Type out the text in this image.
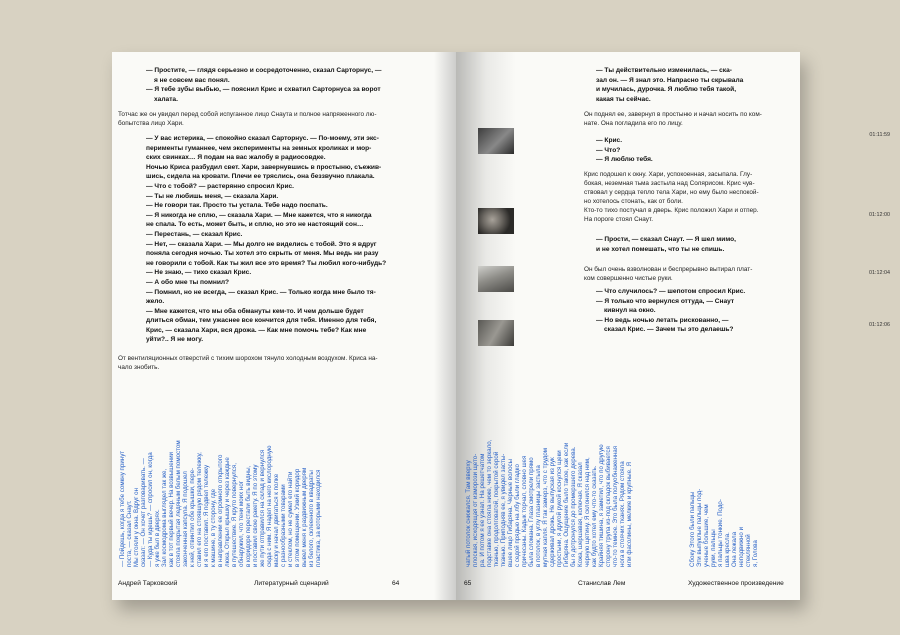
— Простите, — глядя серьезно и сосредоточенно, сказал Сарторнус, —

я не совсем вас понял.

— Я тебе зубы выбью, — пояснил Крис и схватил Сарторнуса за ворот

халата.

Тотчас же он увидел перед собой испуганное лицо Снаута и полное напряженного лю-

бопытства лицо Хари.

— У вас истерика, — спокойно сказал Сарторнус. — По-моему, эти экс-

перименты гуманнее, чем эксперименты на земных кроликах и мор-

ских свинках… Я подам на вас жалобу в радиосовдке.

Ночью Криса разбудил свет. Хари, завернувшись в простыню, съежив-

шись, сидела на кровати. Плечи ее тряслись, она беззвучно плакала.

— Что с тобой? — растерянно спросил Крис.

— Ты не любишь меня, — сказала Хари.

— Не говори так. Просто ты устала. Тебе надо поспать.

— Я никогда не сплю, — сказала Хари. — Мне кажется, что я никогда

не спала. То есть, может быть, и сплю, но это не настоящий сон…

— Перестань, — сказал Крис.

— Нет, — сказала Хари. — Мы долго не виделись с тобой. Это я вдруг

поняла сегодня ночью. Ты хотел это скрыть от меня. Мы ведь ни разу

не говорили с тобой. Как ты жил все это время? Ты любил кого-нибудь?

— Не знаю, — тихо сказал Крис.

— А обо мне ты помнил?

— Помнил, но не всегда, — сказал Крис. — Только когда мне было тя-

жело.

— Мне кажется, что мы оба обмануты кем-то. И чем дольше будет

длиться обман, тем ужаснее все кончится для тебя. Именно для тебя,

Крис, — сказала Хари, вся дрожа. — Как мне помочь тебе? Как мне

уйти?.. Я не могу.

От вентиляционных отверстий с тихим шорохом тянуло холодным воздухом. Криса на-

чало знобить.

— Пойдешь, когда я тебе сомкну принут поста, — сказал Снаут. Мы стояли у окна. Вдруг он сказал: — Он хочет разговаривать. — — Куда ты идешь? — спросил он, когда я уже был в дверях. Зал космодрома выглядел так же, как в тот первый вечер. На возвышении стояла покрытая ледяным белым помостом законченная капсула. Я подошел к ней, отвинтил обе крышки, пере- ставил его на стоявшую рядом тележку, и я его поставил. Я подвел тележку к машине, в ту сторону, где в направлении ее огромного открытого люка. Открыл крышку и через каждые в путешествие. Я круто повернулся, обнаружил, что тени моих ног в коридоре перестали быть видны, и поставил свою ракету. Я по этому же пути отправился на склад и вернулся сюда с ним. Я надел на него кислородную маску и начал двигаться к полке с разнообразными товарами и стеклом, но не сумел его найти в этом помещении. Узкий коридор вывел меня к раздвижным дверям из белого, склеенного в квадраты пластика, за которыми находился
Андрей Тарковский	Литературный сценарий	64
01:11:59
01:12:00
01:12:04
01:12:06

— Ты действительно изменилась, — ска-

зал он. — Я знал это. Напрасно ты скрывала

и мучилась, дурочка. Я люблю тебя такой,

какая ты сейчас.

Он поднял ее, завернул в простыню и начал носить по ком-

нате. Она погладила его по лицу.

— Крис.

— Что?

— Я люблю тебя.

Крис подошел к окну. Хари, успокоенная, засыпала. Глу-

бокая, неземная тьма застыла над Солярисом. Крис чув-

ствовал у сердца тепло тела Хари, но ему было неспокой-

но хотелось стонать, как от боли.

Кто-то тихо постучал в дверь. Крис положил Хари и отпер.

На пороге стоял Снаут.

— Прости, — сказал Снаут. — Я шел мимо,

и не хотел помешать, что ты не спишь.

Он был очень взволнован и беспрерывно вытирал плат-

ком совершенно чистые руки.

— Что случилось? — шепотом спросил Крис.

— Я только что вернулся оттуда, — Снаут

кивнул на окно.

— Но ведь ночью летать рискованно, —

сказал Крис. — Зачем ты это делаешь?

чатый потолок снижался. Там вверху плоская, исходящая от изморози щето- ра. И потом я ее узнал. На решетчатом подставке она стояла ниже, чем то зеркало, тканью, продолговатой, покрытой серой тканью. Приподняв ее, я увидел засты- вшее лицо Гибаряна. Черные волосы с седой прядью на лбу были гладко причесаны. Кадык торчал, словно шея была сломана. Глаза смотрели прямо в потолок, в углу глазницы застыла мутная капля. Я так замерз, что с трудом сдерживал дрожь. Не выпуская из рук простыни, я другой рукой коснулся щеки Гибаряна. Ощущение было такое, как если бы я дотронулся до промерзшего дерева. Кожа, шершавая, колючая. Я сказал черную щетину. Я склонился над ним, как будто хотел ему что-то сказать. Крайняя тишина, я заметил, что по другую сторону трупа из-под складок выбивается что-то темное. Это была полуобнаженная нога в стоячих тканях. Рядом стояла или фасолины, мелкие и крупные. Я	Сбоку Этого были пальцы Эти выпуклые пальцы под- ученые большие, чем руки, пальцы я пальцы тонкие. Подо- шва кресла. Она лежала неподвижно и стеклянной я, Голова
65	Станислав Лем	Художественное произведение
